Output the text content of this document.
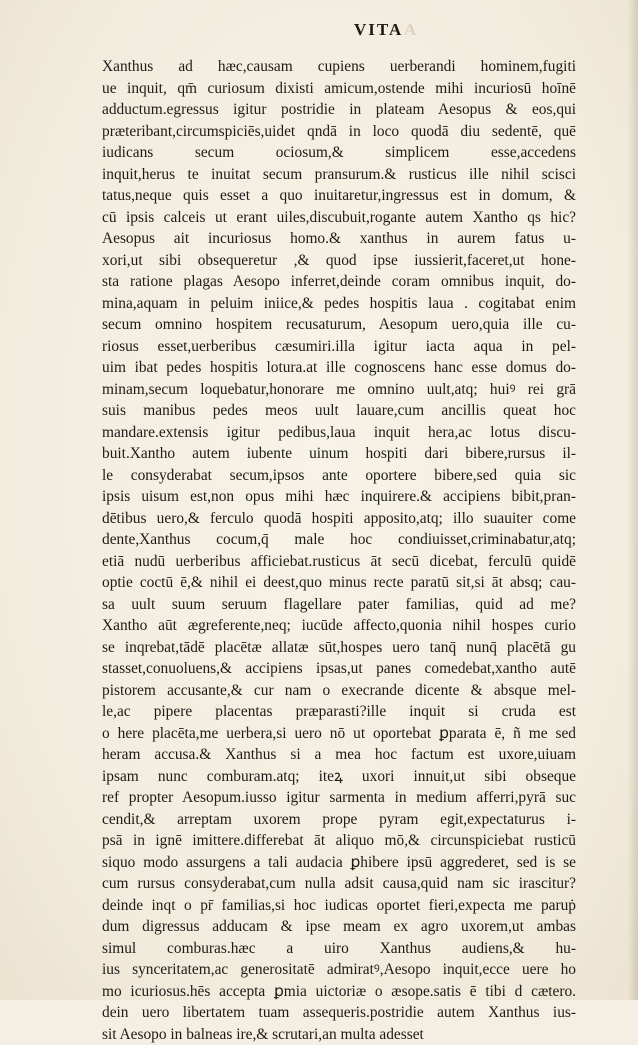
VITA A
Xanthus ad hæc,causam cupiens uerberandi hominem,fugiti
ue inquit, qm̄ curiosum dixisti amicum,ostende mihi incuriosū hoīnē
adductum.egressus igitur postridie in plateam Aesopus & eos,qui
præteribant,circumspiciēs,uidet qndā in loco quodā diu sedentē, quē
iudicans secum ociosum,& simplicem esse,accedens
inquit,herus te inuitat secum pransurum.& rusticus ille nihil scisci
tatus,neque quis esset a quo inuitaretur,ingressus est in domum, &
cū ipsis calceis ut erant uiles,discubuit,rogante autem Xantho qs hic?
Aesopus ait incuriosus homo.& xanthus in aurem fatus u-
xori,ut sibi obsequeretur ,& quod ipse iussierit,faceret,ut hone-
sta ratione plagas Aesopo inferret,deinde coram omnibus inquit, do-
mina,aquam in peluim iniice,& pedes hospitis laua . cogitabat enim
secum omnino hospitem recusaturum, Aesopum uero,quia ille cu-
riosus esset,uerberibus cæsumiri.illa igitur iacta aqua in pel-
uim ibat pedes hospitis lotura.at ille cognoscens hanc esse domus do-
minam,secum loquebatur,honorare me omnino uult,atq; huiꝰ rei grā
suis manibus pedes meos uult lauare,cum ancillis queat hoc
mandare.extensis igitur pedibus,laua inquit hera,ac lotus discu-
buit.Xantho autem iubente uinum hospiti dari bibere,rursus il-
le consyderabat secum,ipsos ante oportere bibere,sed quia sic
ipsis uisum est,non opus mihi hæc inquirere.& accipiens bibit,pran-
dētibus uero,& ferculo quodā hospiti apposito,atq; illo suauiter come
dente,Xanthus cocum,q̄ male hoc condiuisset,criminabatur,atq;
etiā nudū uerberibus afficiebat.rusticus āt secū dicebat, ferculū quidē
optie coctū ē,& nihil ei deest,quo minus recte paratū sit,si āt absq; cau-
sa uult suum seruum flagellare pater familias, quid ad me?
Xantho aūt ægreferente,neq; iucūde affecto,quonia nihil hospes curio
se inqrebat,tādē placētæ allatæ sūt,hospes uero tanq̄ nunq̄ placētā gu
stasset,conuoluens,& accipiens ipsas,ut panes comedebat,xantho autē
pistorem accusante,& cur nam o execrande dicente & absque mel-
le,ac pipere placentas præparasti?ille inquit si cruda est
o here placēta,me uerbera,si uero nō ut oportebat ꝑparata ē, ñ me sed
heram accusa.& Xanthus si a mea hoc factum est uxore,uiuam
ipsam nunc comburam.atq; iteꝝ uxori innuit,ut sibi obseque
ref propter Aesopum.iusso igitur sarmenta in medium afferri,pyrā suc
cendit,& arreptam uxorem prope pyram egit,expectaturus i-
psā in ignē imittere.differebat āt aliquo mō,& circunspiciebat rusticū
siquo modo assurgens a tali audacia ꝑhibere ipsū aggrederet, sed is se
cum rursus consyderabat,cum nulla adsit causa,quid nam sic irascitur?
deinde inqt o pr̄ familias,si hoc iudicas oportet fieri,expecta me paruṗ
dum digressus adducam & ipse meam ex agro uxorem,ut ambas
simul comburas.hæc a uiro Xanthus audiens,& hu-
ius synceritatem,ac generositatē admiratꝰ,Aesopo inquit,ecce uere ho
mo icuriosus.hēs accepta ꝑmia uictoriæ o æsope.satis ē tibi d cætero.
dein uero libertatem tuam assequeris.postridie autem Xanthus ius-
sit Aesopo in balneas ire,& scrutari,an multa adesset
